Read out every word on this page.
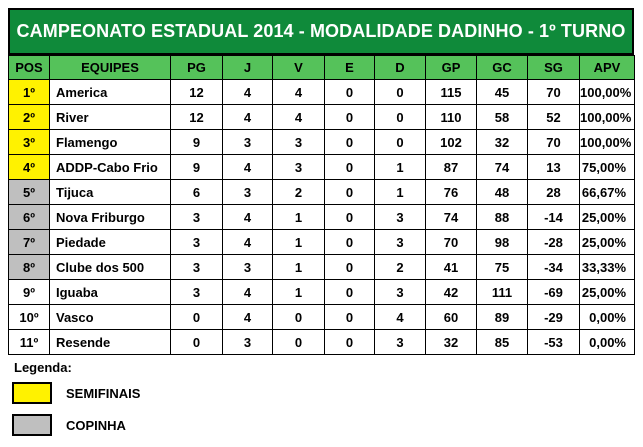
CAMPEONATO ESTADUAL 2014 - MODALIDADE DADINHO - 1º TURNO
POS	EQUIPES	PG	J	V	E	D	GP	GC	SG	APV
1º	America	12	4	4	0	0	115	45	70	100,00%
2º	River	12	4	4	0	0	110	58	52	100,00%
3º	Flamengo	9	3	3	0	0	102	32	70	100,00%
4º	ADDP-Cabo Frio	9	4	3	0	1	87	74	13	75,00%
5º	Tijuca	6	3	2	0	1	76	48	28	66,67%
6º	Nova Friburgo	3	4	1	0	3	74	88	-14	25,00%
7º	Piedade	3	4	1	0	3	70	98	-28	25,00%
8º	Clube dos 500	3	3	1	0	2	41	75	-34	33,33%
9º	Iguaba	3	4	1	0	3	42	111	-69	25,00%
10º	Vasco	0	4	0	0	4	60	89	-29	0,00%
11º	Resende	0	3	0	0	3	32	85	-53	0,00%
Legenda:
SEMIFINAIS
COPINHA
